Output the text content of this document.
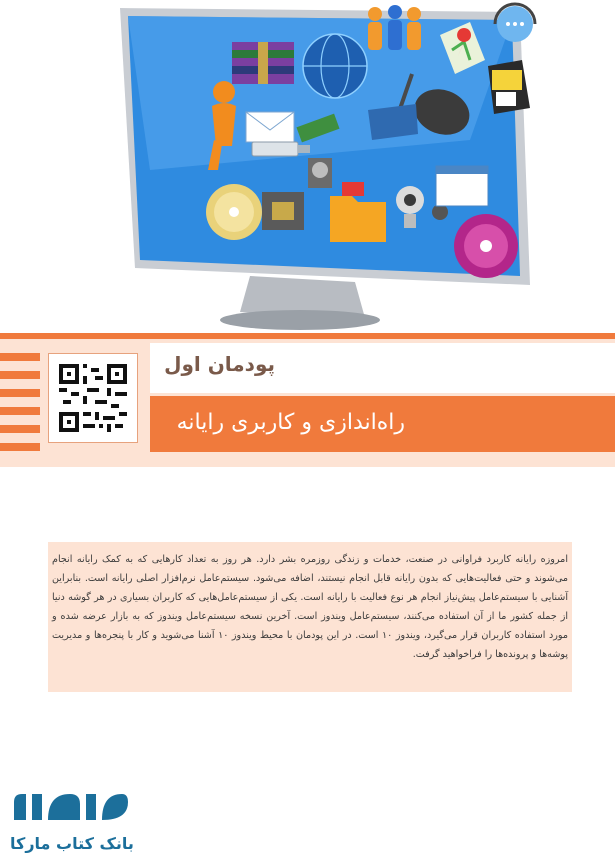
پودمان اول
راه‌اندازی و کاربری رایانه
امروزه رایانه کاربرد فراوانی در صنعت، خدمات و زندگی روزمره بشر دارد. هر روز به تعداد کارهایی که به کمک رایانه انجام می‌شوند و حتی فعالیت‌هایی که بدون رایانه قابل انجام نیستند، اضافه می‌شود. سیستم‌عامل نرم‌افزار اصلی رایانه است. بنابراین آشنایی با سیستم‌عامل پیش‌نیاز انجام هر نوع فعالیت با رایانه است. یکی از سیستم‌عامل‌هایی که کاربران بسیاری در هر گوشه دنیا از جمله کشور ما از آن استفاده می‌کنند، سیستم‌عامل ویندوز است. آخرین نسخه سیستم‌عامل ویندوز که به بازار عرضه شده و مورد استفاده کاربران قرار می‌گیرد، ویندوز ۱۰ است. در این پودمان با محیط ویندوز ۱۰ آشنا می‌شوید و کار با پنجره‌ها و مدیریت پوشه‌ها و پرونده‌ها را فراخواهید گرفت.
بانک کتاب مارکا
